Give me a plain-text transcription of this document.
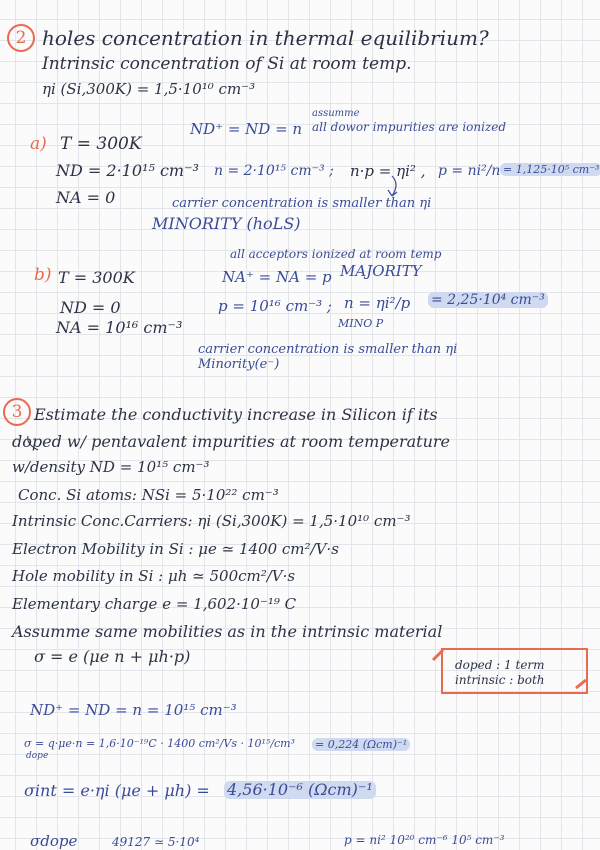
2 holes concentration in thermal equilibrium?
Intrinsic concentration of Si at room temp.
ηi (Si,300K) = 1,5·10¹⁰ cm⁻³
a) T = 300K
ND = 2·10¹⁵ cm⁻³
NA = 0
assumme
ND⁺ = ND = n all dowor impurities are ionized
n = 2·10¹⁵ cm⁻³ ; n·p = ηi² , p = ni²/n = 1,125·10⁵ cm⁻³
carrier concentration is smaller than ηi
MINORITY (hoLS)
b) T = 300K
ND = 0
NA = 10¹⁶ cm⁻³
all acceptors ionized at room temp
NA⁺ = NA = p MAJORITY
p = 10¹⁶ cm⁻³ ; n = ηi²/p
MINO P
= 2,25·10⁴ cm⁻³
carrier concentration is smaller than ηi
Minority(e⁻)
3 Estimate the conductivity increase in Silicon if its
doped w/ pentavalent impurities at room temperature
w/density ND = 10¹⁵ cm⁻³
Conc. Si atoms: NSi = 5·10²² cm⁻³
Intrinsic Conc.Carriers: ηi (Si,300K) = 1,5·10¹⁰ cm⁻³
Electron Mobility in Si : μe ≃ 1400 cm²/V·s
Hole mobility in Si : μh ≃ 500cm²/V·s
Elementary charge e = 1,602·10⁻¹⁹ C
Assumme same mobilities as in the intrinsic material
σ = e (μe n + μh·p)	doped : 1 term
intrinsic : both
ND⁺ = ND = n = 10¹⁵ cm⁻³
σ = q·μe·n = 1,6·10⁻¹⁹C · 1400 cm²/Vs · 10¹⁵/cm³
dope
= 0,224 (Ωcm)⁻¹
σint = e·ηi (μe + μh) = 4,56·10⁻⁶ (Ωcm)⁻¹
σdope	49127 ≃ 5·10⁴	p = ni² 10²⁰ cm⁻⁶ 10⁵ cm⁻³
